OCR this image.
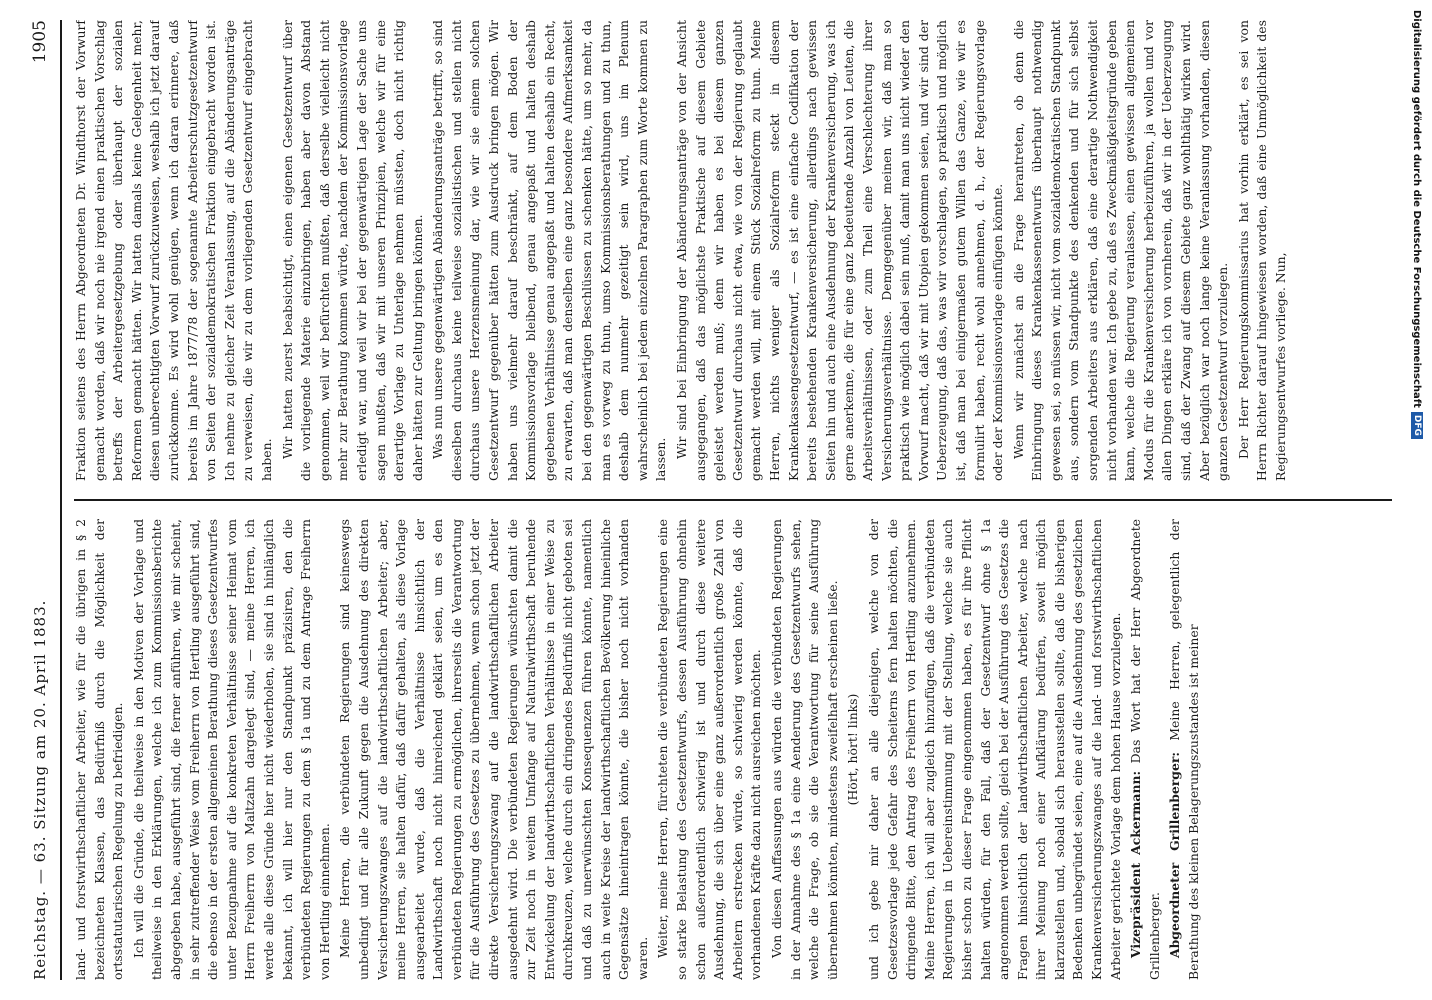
Reichstag. — 63. Sitzung am 20. April 1883.
1905

land- und forstwirthschaftlicher Arbeiter, wie für die übrigen in § 2 bezeichneten Klassen, das Bedürfniß durch die Möglichkeit der ortsstatutarischen Regelung zu befriedigen. Ich will die Gründe, die theilweise in den Motiven der Vorlage und theilweise in den Erklärungen, welche ich zum Kommissionsberichte abgegeben habe, ausgeführt sind, die ferner anführen, wie mir scheint, in sehr zutreffender Weise vom Freiherrn von Hertling ausgeführt sind, die ebenso in der ersten allgemeinen Berathung dieses Gesetzentwurfes unter Bezugnahme auf die konkreten Verhältnisse seiner Heimat vom Herrn Freiherrn von Maltzahn dargelegt sind, — meine Herren, ich werde alle diese Gründe hier nicht wiederholen, sie sind in hinlänglich bekannt, ich will hier nur den Standpunkt präzisiren, den die verbündeten Regierungen zu dem § 1a und zu dem Antrage Freiherrn von Hertling einnehmen. Meine Herren, die verbündeten Regierungen sind keineswegs unbedingt und für alle Zukunft gegen die Ausdehnung des direkten Versicherungszwanges auf die landwirthschaftlichen Arbeiter; aber, meine Herren, sie halten dafür, daß dafür gehalten, als diese Vorlage ausgearbeitet wurde, daß die Verhältnisse hinsichtlich der Landwirthschaft noch nicht hinreichend geklärt seien, um es den verbündeten Regierungen zu ermöglichen, ihrerseits die Verantwortung für die Ausführung des Gesetzes zu übernehmen, wenn schon jetzt der direkte Versicherungszwang auf die landwirthschaftlichen Arbeiter ausgedehnt wird. Die verbündeten Regierungen wünschten damit die zur Zeit noch in weitem Umfange auf Naturalwirthschaft beruhende Entwickelung der landwirthschaftlichen Verhältnisse in einer Weise zu durchkreuzen, welche durch ein dringendes Bedürfniß nicht geboten sei und daß zu unerwünschten Konsequenzen führen könnte, namentlich auch in weite Kreise der landwirthschaftlichen Bevölkerung hineinliche Gegensätze hineintragen könnte, die bisher noch nicht vorhanden waren.

Weiter, meine Herren, fürchteten die verbündeten Regierungen eine so starke Belastung des Gesetzentwurfs, dessen Ausführung ohnehin schon außerordentlich schwierig ist und durch diese weitere Ausdehnung, die sich über eine ganz außerordentlich große Zahl von Arbeitern erstrecken würde, so schwierig werden könnte, daß die vorhandenen Kräfte dazu nicht ausreichen möchten. Von diesen Auffassungen aus würden die verbündeten Regierungen in der Annahme des § 1a eine Aenderung des Gesetzentwurfs sehen, welche die Frage, ob sie die Verantwortung für seine Ausführung übernehmen könnten, mindestens zweifelhaft erscheinen ließe. (Hört, hört! links) und ich gebe mir daher an alle diejenigen, welche von der Gesetzesvorlage jede Gefahr des Scheiterns fern halten möchten, die dringende Bitte, den Antrag des Freiherrn von Hertling anzunehmen. Meine Herren, ich will aber zugleich hinzufügen, daß die verbündeten Regierungen in Uebereinstimmung mit der Stellung, welche sie auch bisher schon zu dieser Frage eingenommen haben, es für ihre Pflicht halten würden, für den Fall, daß der Gesetzentwurf ohne § 1a angenommen werden sollte, gleich bei der Ausführung des Gesetzes die Fragen hinsichtlich der landwirthschaftlichen Arbeiter, welche nach ihrer Meinung noch einer Aufklärung bedürfen, soweit möglich klarzustellen und, sobald sich herausstellen sollte, daß die bisherigen Bedenken unbegründet seien, eine auf die Ausdehnung des gesetzlichen Krankenversicherungszwanges auf die land- und forstwirthschaftlichen Arbeiter gerichtete Vorlage dem hohen Hause vorzulegen. Vizepräsident Ackermann: Das Wort hat der Herr Abgeordnete Grillenberger. Abgeordneter Grillenberger: Meine Herren, gelegentlich der Berathung des kleinen Belagerungszustandes ist meiner

Fraktion seitens des Herrn Abgeordneten Dr. Windthorst der Vorwurf gemacht worden, daß wir noch nie irgend einen praktischen Vorschlag betreffs der Arbeitergesetzgebung oder überhaupt der sozialen Reformen gemacht hätten. Wir hatten damals keine Gelegenheit mehr, diesen unberechtigten Vorwurf zurückzuweisen, weshalb ich jetzt darauf zurückkomme. Es wird wohl genügen, wenn ich daran erinnere, daß bereits im Jahre 1877/78 der sogenannte Arbeiterschutzgesetzentwurf von Seiten der sozialdemokratischen Fraktion eingebracht worden ist. Ich nehme zu gleicher Zeit Veranlassung, auf die Abänderungsanträge zu verweisen, die wir zu dem vorliegenden Gesetzentwurf eingebracht haben.

Wir hatten zuerst beabsichtigt, einen eigenen Gesetzentwurf über die vorliegende Materie einzubringen, haben aber davon Abstand genommen, weil wir befürchten mußten, daß derselbe vielleicht nicht mehr zur Berathung kommen würde, nachdem der Kommissionsvorlage erledigt war, und weil wir bei der gegenwärtigen Lage der Sache uns sagen mußten, daß wir mit unseren Prinzipien, welche wir für eine derartige Vorlage zu Unterlage nehmen müssten, doch nicht richtig daher hätten zur Geltung bringen können. Was nun unsere gegenwärtigen Abänderungsanträge betrifft, so sind dieselben durchaus keine teilweise sozialistischen und stellen nicht durchaus unsere Herzensmeinung dar, wie wir sie einem solchen Gesetzentwurf gegenüber hätten zum Ausdruck bringen mögen. Wir haben uns vielmehr darauf beschränkt, auf dem Boden der Kommissionsvorlage bleibend, genau angepaßt und halten deshalb gegebenen Verhältnisse genau angepaßt und halten deshalb ein Recht, zu erwarten, daß man denselben eine ganz besondere Aufmerksamkeit bei den gegenwärtigen Beschlüssen zu schenken hätte, um so mehr, da man es vorweg zu thun, umso Kommissionsberathungen und zu thun, deshalb dem nunmehr gezeitigt sein wird, uns im Plenum wahrscheinlich bei jedem einzelnen Paragraphen zum Worte kommen zu lassen.

Wir sind bei Einbringung der Abänderungsanträge von der Ansicht ausgegangen, daß das möglichste Praktische auf diesem Gebiete geleistet werden muß; denn wir haben es bei diesem ganzen Gesetzentwurf durchaus nicht etwa, wie von der Regierung geglaubt gemacht werden will, mit einem Stück Sozialreform zu thun. Meine Herren, nichts weniger als Sozialreform steckt in diesem Krankenkassengesetzentwurf, — es ist eine einfache Codifikation der bereits bestehenden Krankenversicherung, allerdings nach gewissen Seiten hin und auch eine Ausdehnung der Krankenversicherung, was ich gerne anerkenne, die für eine ganz bedeutende Anzahl von Leuten, die Arbeitsverhältnissen, oder zum Theil eine Verschlechterung ihrer Versicherungsverhältnisse. Demgegenüber meinen wir, daß man so praktisch wie möglich dabei sein muß, damit man uns nicht wieder den Vorwurf macht, daß wir mit Utopien gekommen seien, und wir sind der Ueberzeugung, daß das, was wir vorschlagen, so praktisch und möglich ist, daß man bei einigermaßen gutem Willen das Ganze, wie wir es formulirt haben, recht wohl annehmen, d. h., der Regierungsvorlage oder der Kommissionsvorlage einfügen könnte. Wenn wir zunächst an die Frage herantreten, ob denn die Einbringung dieses Krankenkassenentwurfs überhaupt nothwendig gewesen sei, so müssen wir, nicht vom sozialdemokratischen Standpunkt aus, sondern vom Standpunkte des denkenden und für sich selbst sorgenden Arbeiters aus erklären, daß eine derartige Nothwendigkeit nicht vorhanden war. Ich gebe zu, daß es Zweckmäßigkeitsgründe geben kann, welche die Regierung veranlassen, einen gewissen allgemeinen Modus für die Krankenversicherung herbeizuführen, ja wollen und vor allen Dingen erkläre ich von vornherein, daß wir in der Ueberzeugung sind, daß der Zwang auf diesem Gebiete ganz wohlthätig wirken wird. Aber bezüglich war noch lange keine Veranlassung vorhanden, diesen ganzen Gesetzentwurf vorzulegen. Der Herr Regierungskommissarius hat vorhin erklärt, es sei von Herrn Richter darauf hingewiesen worden, daß eine Unmöglichkeit des Regierungsentwurfes vorliege. Nun,	Digitalisierung gefördert durch die Deutsche Forschungsgemeinschaft
DFG
